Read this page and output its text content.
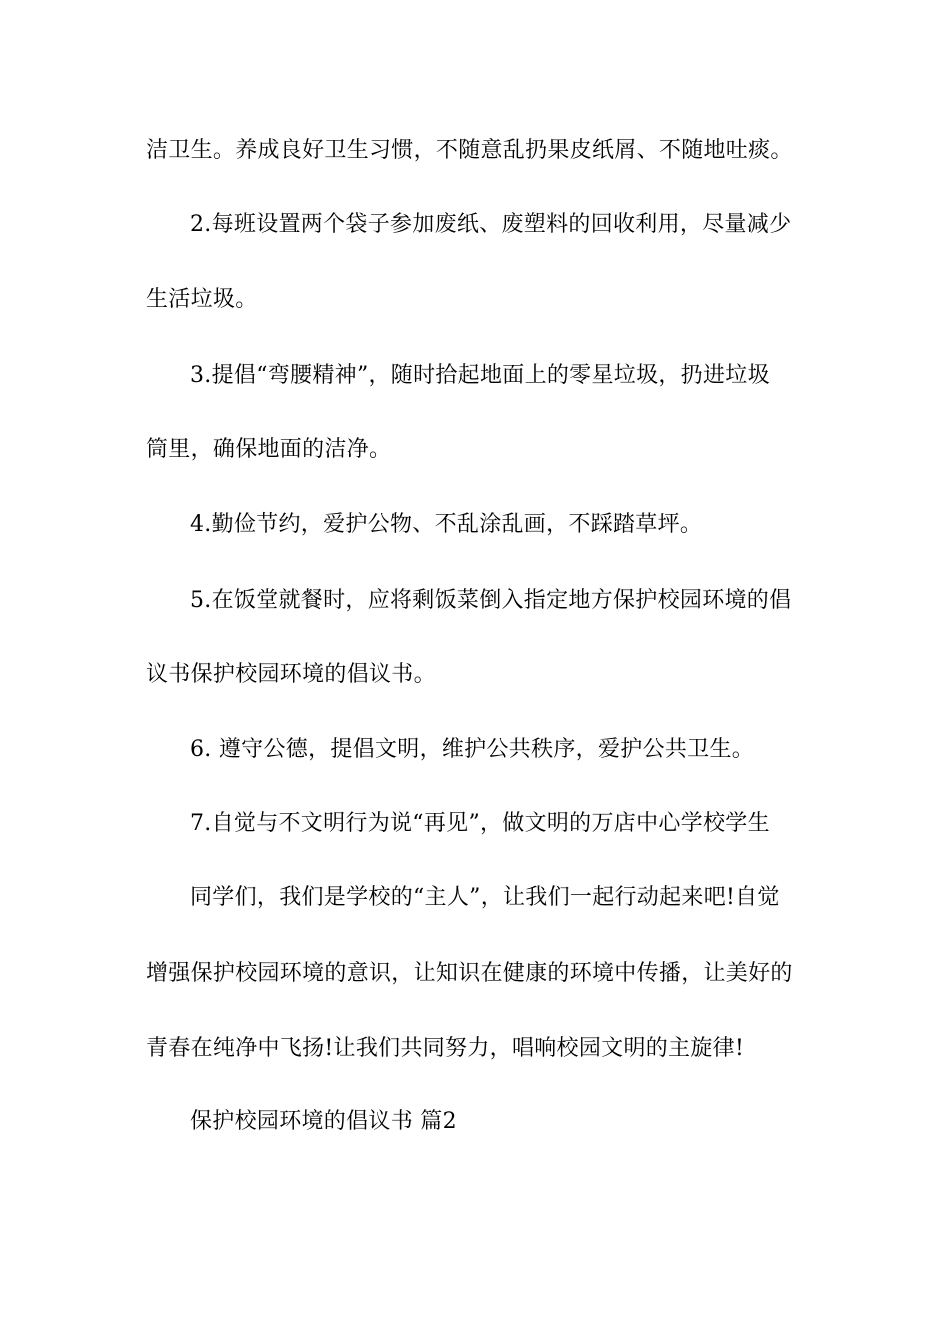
洁卫生。养成良好卫生习惯，不随意乱扔果皮纸屑、不随地吐痰。
2.每班设置两个袋子参加废纸、废塑料的回收利用，尽量减少
生活垃圾。
3.提倡“弯腰精神”，随时拾起地面上的零星垃圾，扔进垃圾
筒里，确保地面的洁净。
4.勤俭节约，爱护公物、不乱涂乱画，不踩踏草坪。
5.在饭堂就餐时，应将剩饭菜倒入指定地方保护校园环境的倡
议书保护校园环境的倡议书。
6. 遵守公德，提倡文明，维护公共秩序，爱护公共卫生。
7.自觉与不文明行为说“再见”，做文明的万店中心学校学生
同学们，我们是学校的“主人”，让我们一起行动起来吧!自觉
增强保护校园环境的意识，让知识在健康的环境中传播，让美好的
青春在纯净中飞扬!让我们共同努力，唱响校园文明的主旋律!
保护校园环境的倡议书 篇2
